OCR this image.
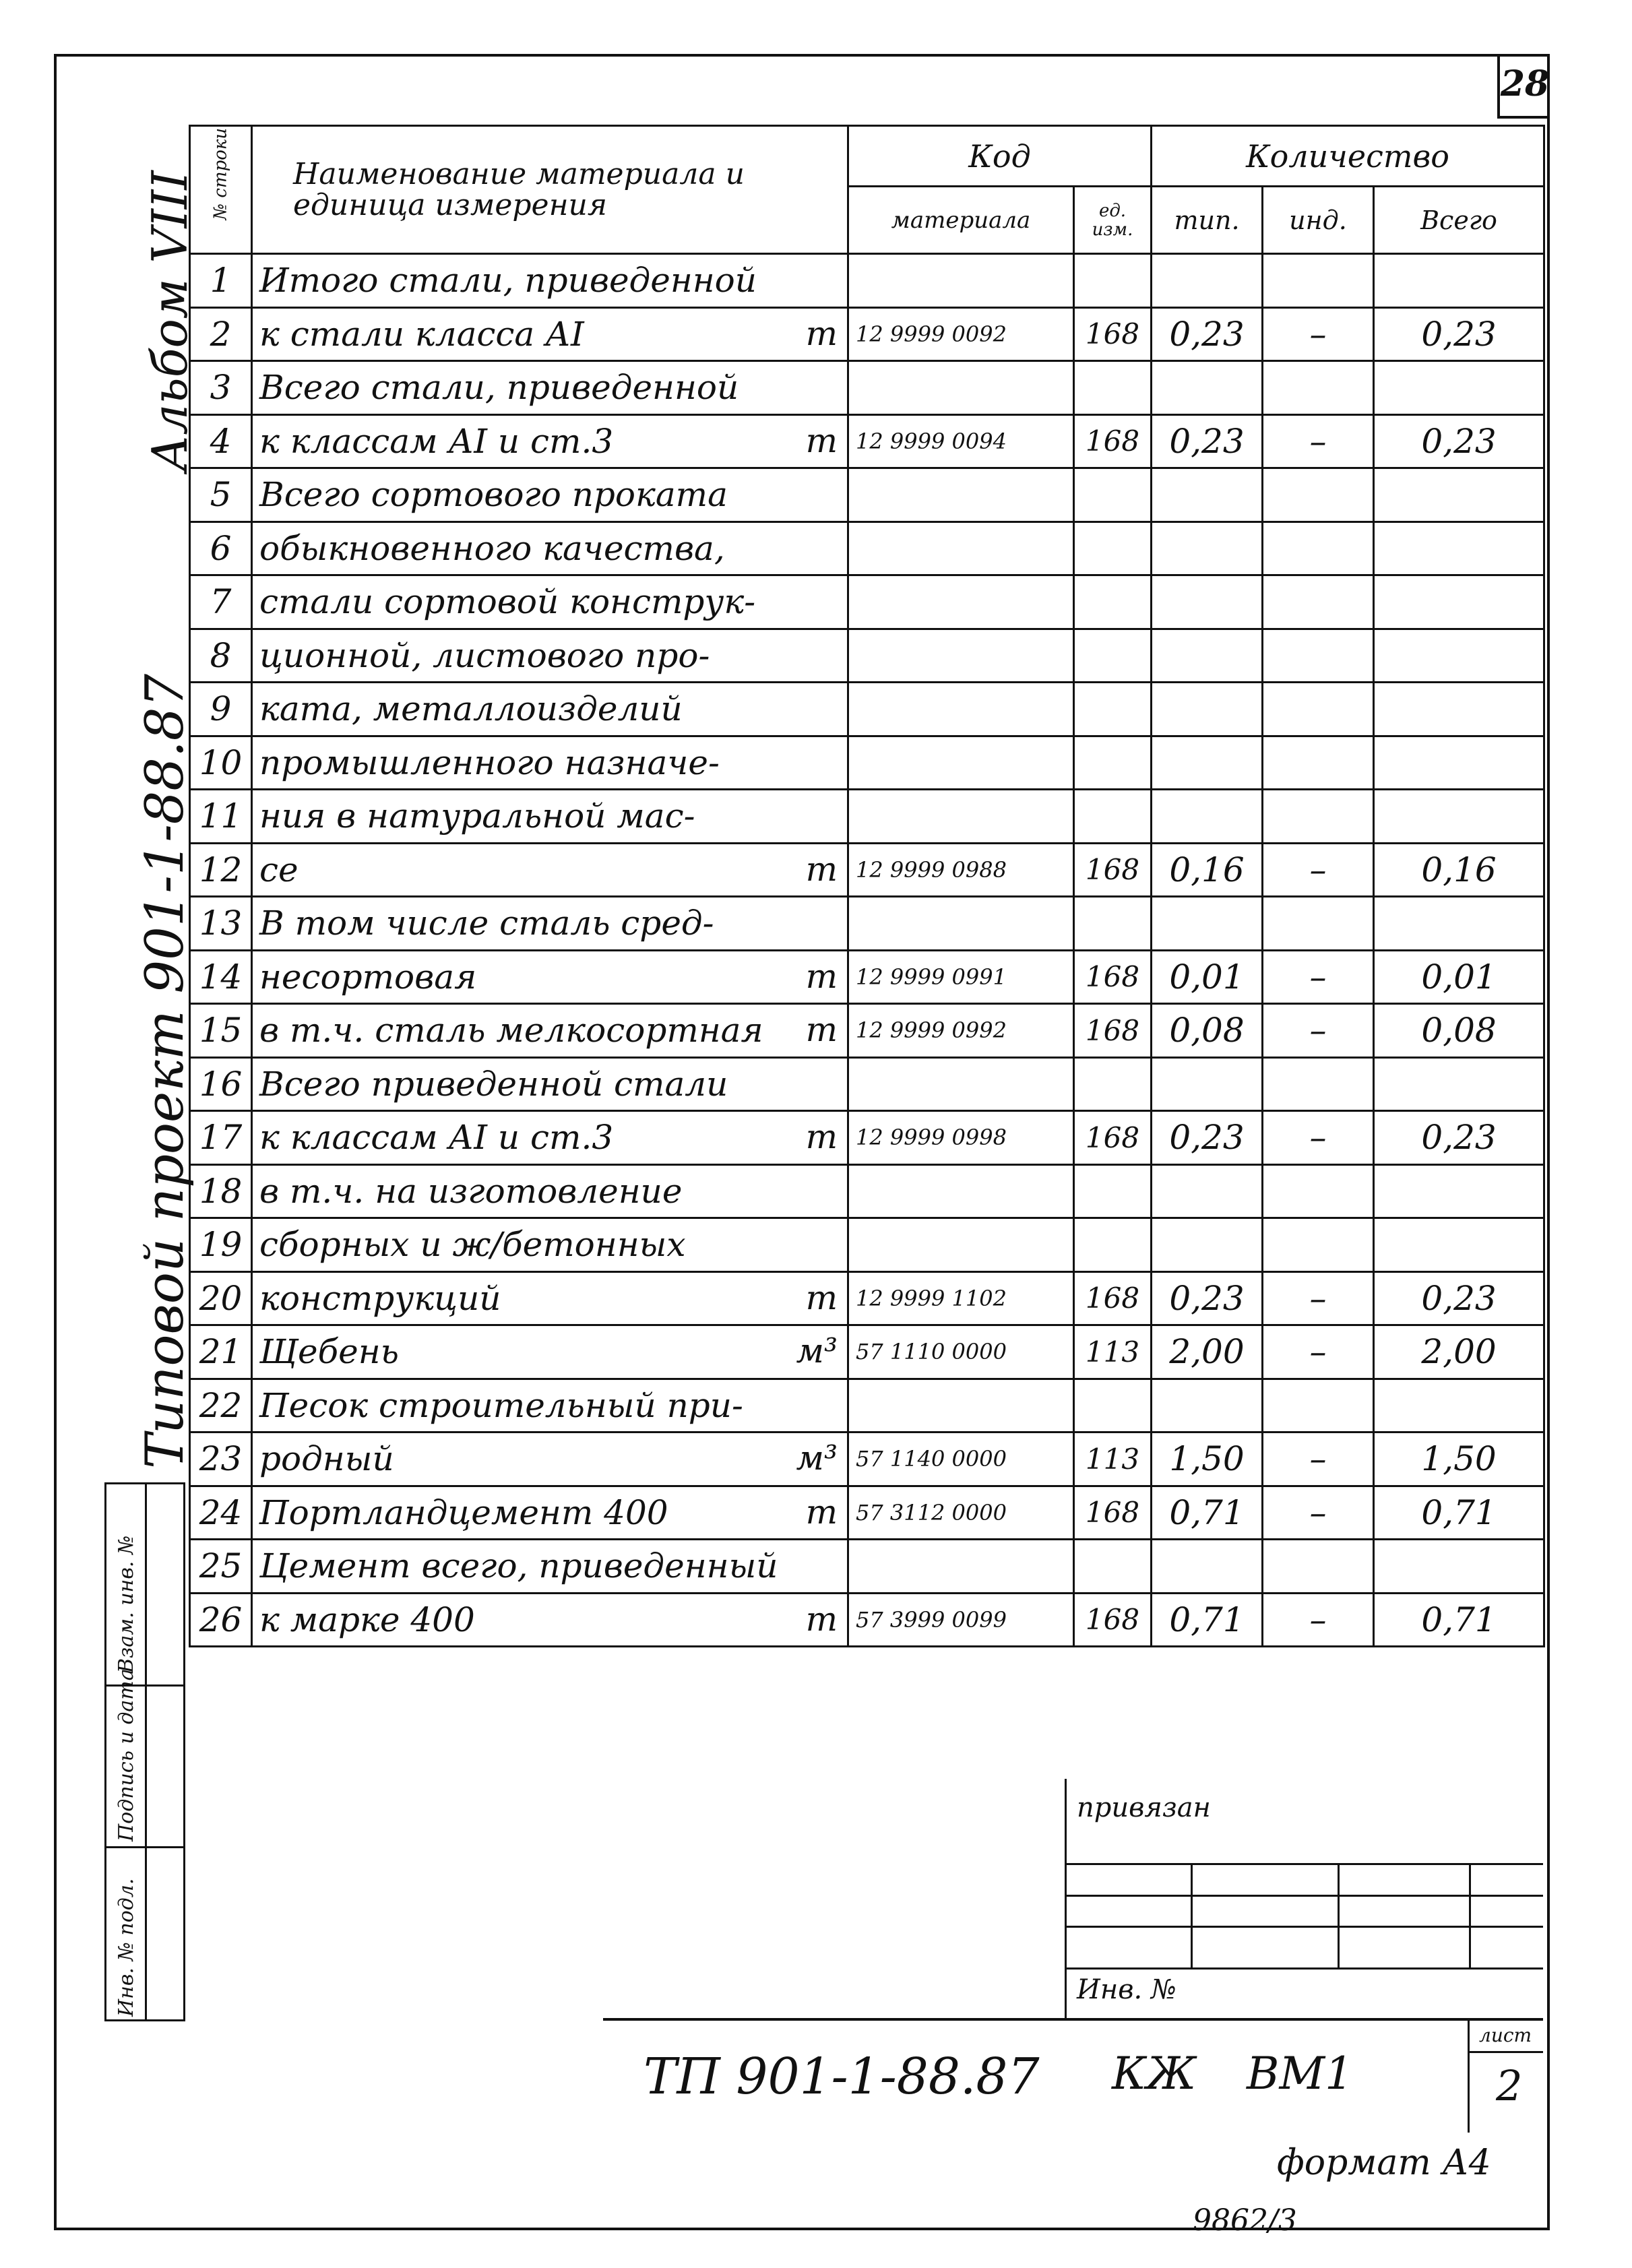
28
Альбом VIII
Типовой проект 901-1-88.87
Взам. инв. №
Подпись и дата
Инв. № подл.
№ строки	Наименование материала и единица измерения	Код		Количество		
		материала	ед. изм.	тип.	инд.	Всего
1	Итого стали, приведенной

2	к стали класса АI т	12 9999 0092	168	0,23	–	0,23
3	Всего стали, приведенной

4	к классам АI и ст.3 т	12 9999 0094	168	0,23	–	0,23
5	Всего сортового проката

6	обыкновенного качества,

7	стали сортовой конструк-

8	ционной, листового про-

9	ката, металлоизделий

10	промышленного назначе-

11	ния в натуральной мас-

12	се т	12 9999 0988	168	0,16	–	0,16
13	В том числе сталь сред-

14	несортовая т	12 9999 0991	168	0,01	–	0,01
15	в т.ч. сталь мелкосортная т	12 9999 0992	168	0,08	–	0,08
16	Всего приведенной стали

17	к классам АI и ст.3 т	12 9999 0998	168	0,23	–	0,23
18	в т.ч. на изготовление

19	сборных и ж/бетонных

20	конструкций т	12 9999 1102	168	0,23	–	0,23
21	Щебень м³	57 1110 0000	113	2,00	–	2,00
22	Песок строительный при-

23	родный м³	57 1140 0000	113	1,50	–	1,50
24	Портландцемент 400 т	57 3112 0000	168	0,71	–	0,71
25	Цемент всего, приведенный

26	к марке 400 т	57 3999 0099	168	0,71	–	0,71
привязан
Инв. №
ТП 901-1-88.87 КЖ ВМ1
лист
2
формат А4
9862/3
